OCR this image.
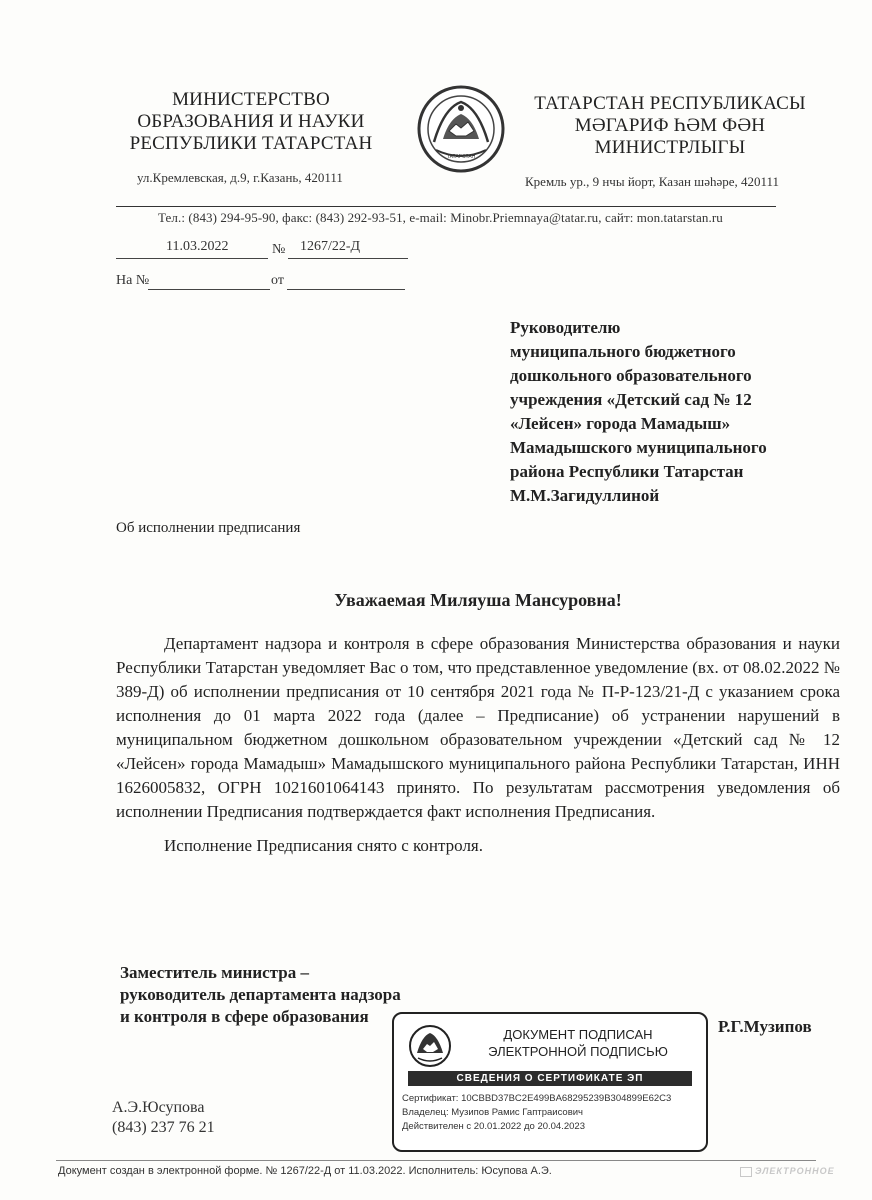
МИНИСТЕРСТВО
ОБРАЗОВАНИЯ И НАУКИ
РЕСПУБЛИКИ ТАТАРСТАН
ул.Кремлевская, д.9, г.Казань, 420111
ТАТАРСТАН
ТАТАРСТАН РЕСПУБЛИКАСЫ
МӘГАРИФ ҺӘМ ФӘН
МИНИСТРЛЫГЫ
Кремль ур., 9 нчы йорт, Казан шәһәре, 420111
Тел.: (843) 294-95-90, факс: (843) 292-93-51, e-mail: Minobr.Priemnaya@tatar.ru, сайт: mon.tatarstan.ru
11.03.2022	№ 1267/22-Д
На №	от
Руководителю
муниципального бюджетного
дошкольного образовательного
учреждения «Детский сад № 12
«Лейсен» города Мамадыш»
Мамадышского муниципального
района Республики Татарстан
М.М.Загидуллиной
Об исполнении предписания
Уважаемая Миляуша Мансуровна!

Департамент надзора и контроля в сфере образования Министерства образования и науки Республики Татарстан уведомляет Вас о том, что представленное уведомление (вх. от 08.02.2022 № 389-Д) об исполнении предписания от 10 сентября 2021 года № П-Р-123/21-Д с указанием срока исполнения до 01 марта 2022 года (далее – Предписание) об устранении нарушений в муниципальном бюджетном дошкольном образовательном учреждении «Детский сад № 12 «Лейсен» города Мамадыш» Мамадышского муниципального района Республики Татарстан, ИНН 1626005832, ОГРН 1021601064143 принято. По результатам рассмотрения уведомления об исполнении Предписания подтверждается факт исполнения Предписания.

Исполнение Предписания снято с контроля.

Заместитель министра –
руководитель департамента надзора
и контроля в сфере образования
Р.Г.Музипов
ДОКУМЕНТ ПОДПИСАН
ЭЛЕКТРОННОЙ ПОДПИСЬЮ
СВЕДЕНИЯ О СЕРТИФИКАТЕ ЭП
Сертификат: 10CBBD37BC2E499BA68295239B304899E62C3
Владелец: Музипов Рамис Гаптраисович
Действителен с 20.01.2022 до 20.04.2023
А.Э.Юсупова
(843) 237 76 21
Документ создан в электронной форме. № 1267/22-Д от 11.03.2022. Исполнитель: Юсупова А.Э.	ЭЛЕКТРОННОЕ
